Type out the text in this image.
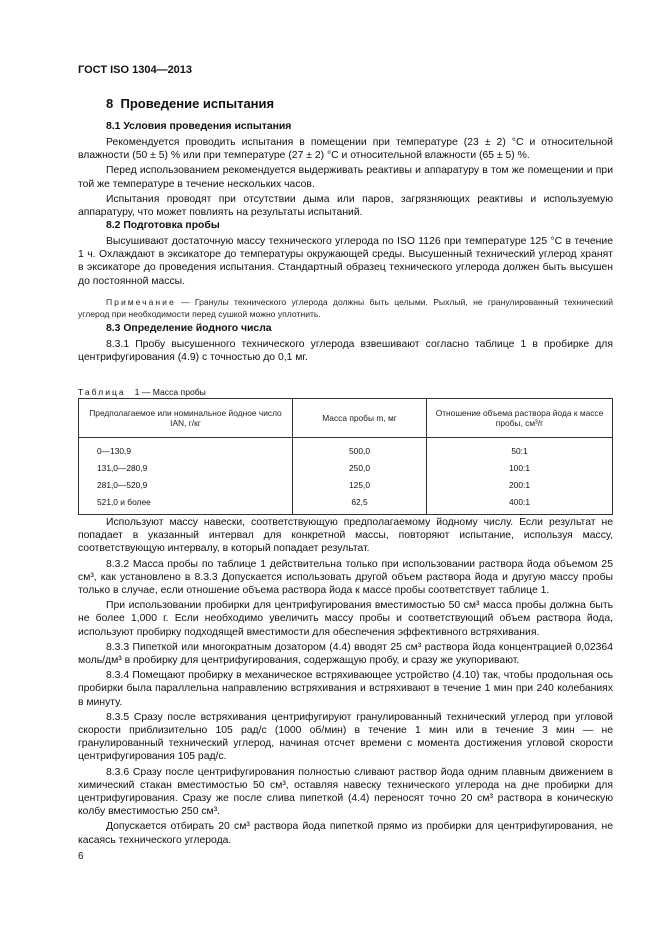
ГОСТ ISO 1304—2013
8 Проведение испытания

8.1 Условия проведения испытания

Рекомендуется проводить испытания в помещении при температуре (23 ± 2) °С и относительной влажности (50 ± 5) % или при температуре (27 ± 2) °С и относительной влажности (65 ± 5) %.

Перед использованием рекомендуется выдерживать реактивы и аппаратуру в том же помещении и при той же температуре в течение нескольких часов.

Испытания проводят при отсутствии дыма или паров, загрязняющих реактивы и используемую аппаратуру, что может повлиять на результаты испытаний.

8.2 Подготовка пробы

Высушивают достаточную массу технического углерода по ISO 1126 при температуре 125 °С в течение 1 ч. Охлаждают в эксикаторе до температуры окружающей среды. Высушенный технический углерод хранят в эксикаторе до проведения испытания. Стандартный образец технического углерода должен быть высушен до постоянной массы.

Примечание — Гранулы технического углерода должны быть целыми. Рыхлый, не гранулированный технический углерод при необходимости перед сушкой можно уплотнить.

8.3 Определение йодного числа

8.3.1 Пробу высушенного технического углерода взвешивают согласно таблице 1 в пробирке для центрифугирования (4.9) с точностью до 0,1 мг.

Таблица 1 — Масса пробы
Предполагаемое или номинальное йодное число IAN, г/кг	Масса пробы m, мг	Отношение объема раствора йода к массе пробы, см³/г
0—130,9	500,0	50:1
131,0—280,9	250,0	100:1
281,0—520,9	125,0	200:1
521,0 и более	62,5	400:1

Используют массу навески, соответствующую предполагаемому йодному числу. Если результат не попадает в указанный интервал для конкретной массы, повторяют испытание, используя массу, соответствующую интервалу, в который попадает результат.

8.3.2 Масса пробы по таблице 1 действительна только при использовании раствора йода объемом 25 см³, как установлено в 8.3.3 Допускается использовать другой объем раствора йода и другую массу пробы только в случае, если отношение объема раствора йода к массе пробы соответствует таблице 1.

При использовании пробирки для центрифугирования вместимостью 50 см³ масса пробы должна быть не более 1,000 г. Если необходимо увеличить массу пробы и соответствующий объем раствора йода, используют пробирку подходящей вместимости для обеспечения эффективного встряхивания.

8.3.3 Пипеткой или многократным дозатором (4.4) вводят 25 см³ раствора йода концентрацией 0,02364 моль/дм³ в пробирку для центрифугирования, содержащую пробу, и сразу же укупоривают.

8.3.4 Помещают пробирку в механическое встряхивающее устройство (4.10) так, чтобы продольная ось пробирки была параллельна направлению встряхивания и встряхивают в течение 1 мин при 240 колебаниях в минуту.

8.3.5 Сразу после встряхивания центрифугируют гранулированный технический углерод при угловой скорости приблизительно 105 рад/с (1000 об/мин) в течение 1 мин или в течение 3 мин — не гранулированный технический углерод, начиная отсчет времени с момента достижения угловой скорости центрифугирования 105 рад/с.

8.3.6 Сразу после центрифугирования полностью сливают раствор йода одним плавным движением в химический стакан вместимостью 50 см³, оставляя навеску технического углерода на дне пробирки для центрифугирования. Сразу же после слива пипеткой (4.4) переносят точно 20 см³ раствора в коническую колбу вместимостью 250 см³.

Допускается отбирать 20 см³ раствора йода пипеткой прямо из пробирки для центрифугирования, не касаясь технического углерода.

6
